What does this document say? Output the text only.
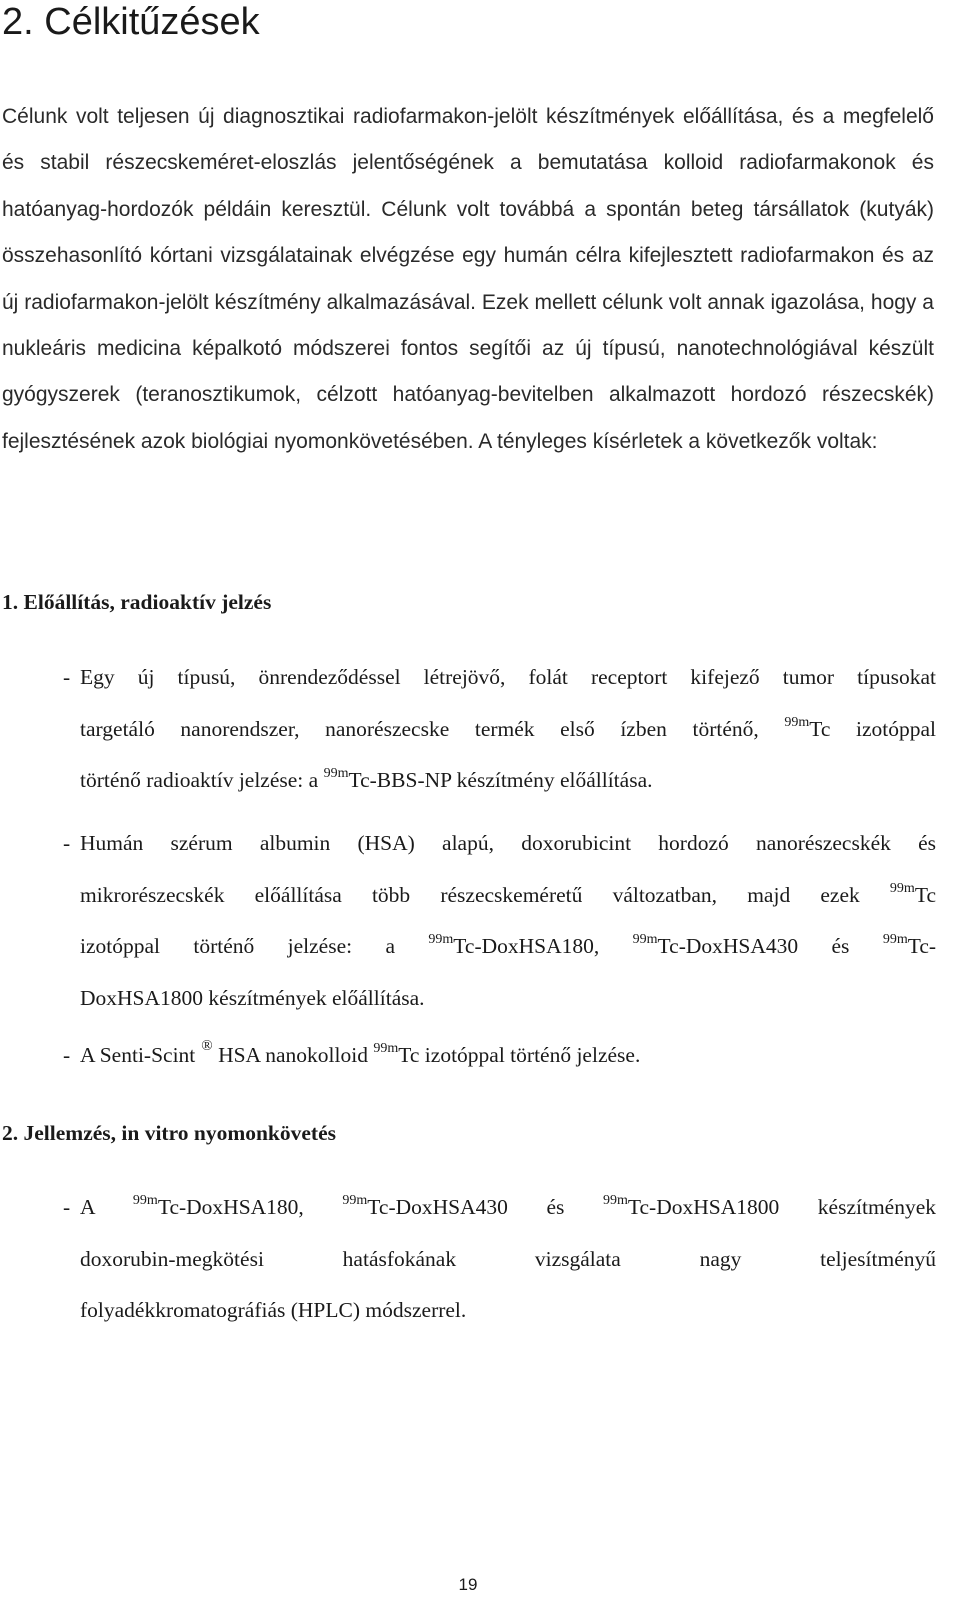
2. Célkitűzések

Célunk volt teljesen új diagnosztikai radiofarmakon-jelölt készítmények előállítása, és a megfelelő és stabil részecskeméret-eloszlás jelentőségének a bemutatása kolloid radiofarmakonok és hatóanyag-hordozók példáin keresztül. Célunk volt továbbá a spontán beteg társállatok (kutyák) összehasonlító kórtani vizsgálatainak elvégzése egy humán célra kifejlesztett radiofarmakon és az új radiofarmakon-jelölt készítmény alkalmazásával. Ezek mellett célunk volt annak igazolása, hogy a nukleáris medicina képalkotó módszerei fontos segítői az új típusú, nanotechnológiával készült gyógyszerek (teranosztikumok, célzott hatóanyag-bevitelben alkalmazott hordozó részecskék) fejlesztésének azok biológiai nyomonkövetésében. A tényleges kísérletek a következők voltak:

1. Előállítás, radioaktív jelzés
- Egy új típusú, önrendeződéssel létrejövő, folát receptort kifejező tumor típusokat
targetáló nanorendszer, nanorészecske termék első ízben történő, $^{99m}$Tc izotóppal
történő radioaktív jelzése: a $^{99m}$Tc-BBS-NP készítmény előállítása.
- Humán szérum albumin (HSA) alapú, doxorubicint hordozó nanorészecskék és
mikrorészecskék előállítása több részecskeméretű változatban, majd ezek $^{99m}$Tc
izotóppal történő jelzése: a $^{99m}$Tc-DoxHSA180, $^{99m}$Tc-DoxHSA430 és $^{99m}$Tc-
DoxHSA1800 készítmények előállítása.
- A Senti-Scint ® HSA nanokolloid $^{99m}$Tc izotóppal történő jelzése.
2. Jellemzés, in vitro nyomonkövetés
- A	$^{99m}$Tc-DoxHSA180,	$^{99m}$Tc-DoxHSA430 és	$^{99m}$Tc-DoxHSA1800 készítmények
doxorubin-megkötési hatásfokának vizsgálata nagy teljesítményű
folyadékkromatográfiás (HPLC) módszerrel.
19
